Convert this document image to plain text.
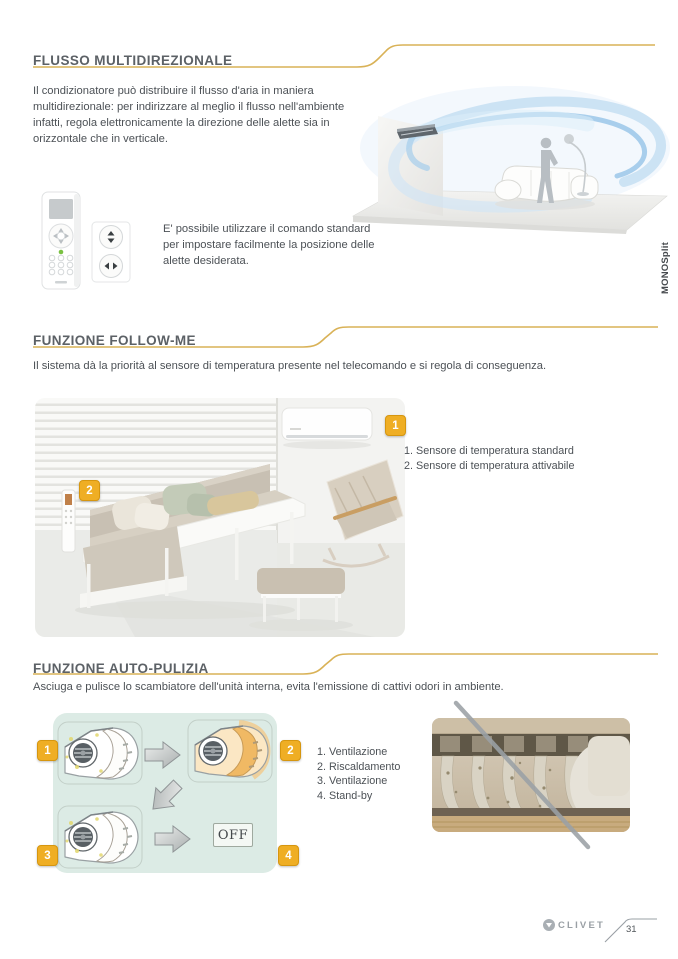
FLUSSO MULTIDIREZIONALE

Il condizionatore può distribuire il flusso d'aria in maniera multidirezionale: per indirizzare al meglio il flusso nell'ambiente infatti, regola elettronicamente la direzione delle alette sia in orizzontale che in verticale.

E' possibile utilizzare il comando standard per impostare facilmente la posizione delle alette desiderata.	MONOSplit
FUNZIONE FOLLOW-ME

Il sistema dà la priorità al sensore di temperatura presente nel telecomando e si regola di conseguenza.

1
2
1. Sensore di temperatura standard
2. Sensore di temperatura attivabile
FUNZIONE AUTO-PULIZIA

Asciuga e pulisce lo scambiatore dell'unità interna, evita l'emissione di cattivi odori in ambiente.

OFF
1	2
3	4
1. Ventilazione
2. Riscaldamento
3. Ventilazione
4. Stand-by
CLIVET 31
